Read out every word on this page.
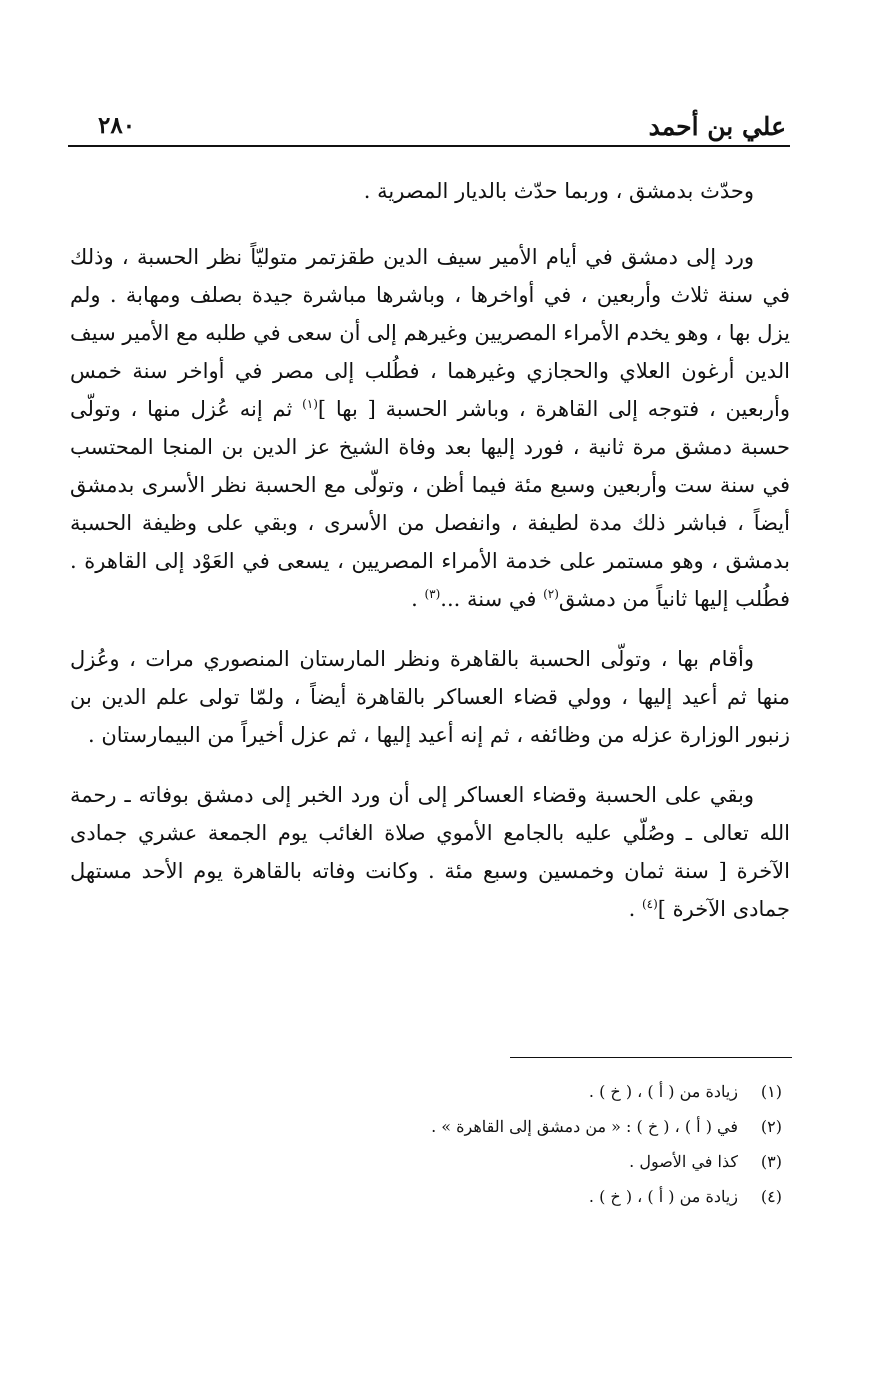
علي بن أحمد
٢٨٠

وحدّث بدمشق ، وربما حدّث بالديار المصرية .

ورد إلى دمشق في أيام الأمير سيف الدين طقزتمر متوليّاً نظر الحسبة ، وذلك في سنة ثلاث وأربعين ، في أواخرها ، وباشرها مباشرة جيدة بصلف ومهابة . ولم يزل بها ، وهو يخدم الأمراء المصريين وغيرهم إلى أن سعى في طلبه مع الأمير سيف الدين أرغون العلاي والحجازي وغيرهما ، فطُلب إلى مصر في أواخر سنة خمس وأربعين ، فتوجه إلى القاهرة ، وباشر الحسبة [ بها ]$^{(١)}$ ثم إنه عُزل منها ، وتولّى حسبة دمشق مرة ثانية ، فورد إليها بعد وفاة الشيخ عز الدين بن المنجا المحتسب في سنة ست وأربعين وسبع مئة فيما أظن ، وتولّى مع الحسبة نظر الأسرى بدمشق أيضاً ، فباشر ذلك مدة لطيفة ، وانفصل من الأسرى ، وبقي على وظيفة الحسبة بدمشق ، وهو مستمر على خدمة الأمراء المصريين ، يسعى في العَوْد إلى القاهرة . فطُلب إليها ثانياً من دمشق$^{(٢)}$ في سنة ...$^{(٣)}$ .

وأقام بها ، وتولّى الحسبة بالقاهرة ونظر المارستان المنصوري مرات ، وعُزل منها ثم أعيد إليها ، وولي قضاء العساكر بالقاهرة أيضاً ، ولمّا تولى علم الدين بن زنبور الوزارة عزله من وظائفه ، ثم إنه أعيد إليها ، ثم عزل أخيراً من البيمارستان .

وبقي على الحسبة وقضاء العساكر إلى أن ورد الخبر إلى دمشق بوفاته ـ رحمة الله تعالى ـ وصُلّي عليه بالجامع الأموي صلاة الغائب يوم الجمعة عشري جمادى الآخرة [ سنة ثمان وخمسين وسبع مئة . وكانت وفاته بالقاهرة يوم الأحد مستهل جمادى الآخرة ]$^{(٤)}$ .

(١)
زيادة من ( أ ) ، ( خ ) .
(٢)
في ( أ ) ، ( خ ) : « من دمشق إلى القاهرة » .
(٣)
كذا في الأصول .
(٤)
زيادة من ( أ ) ، ( خ ) .
